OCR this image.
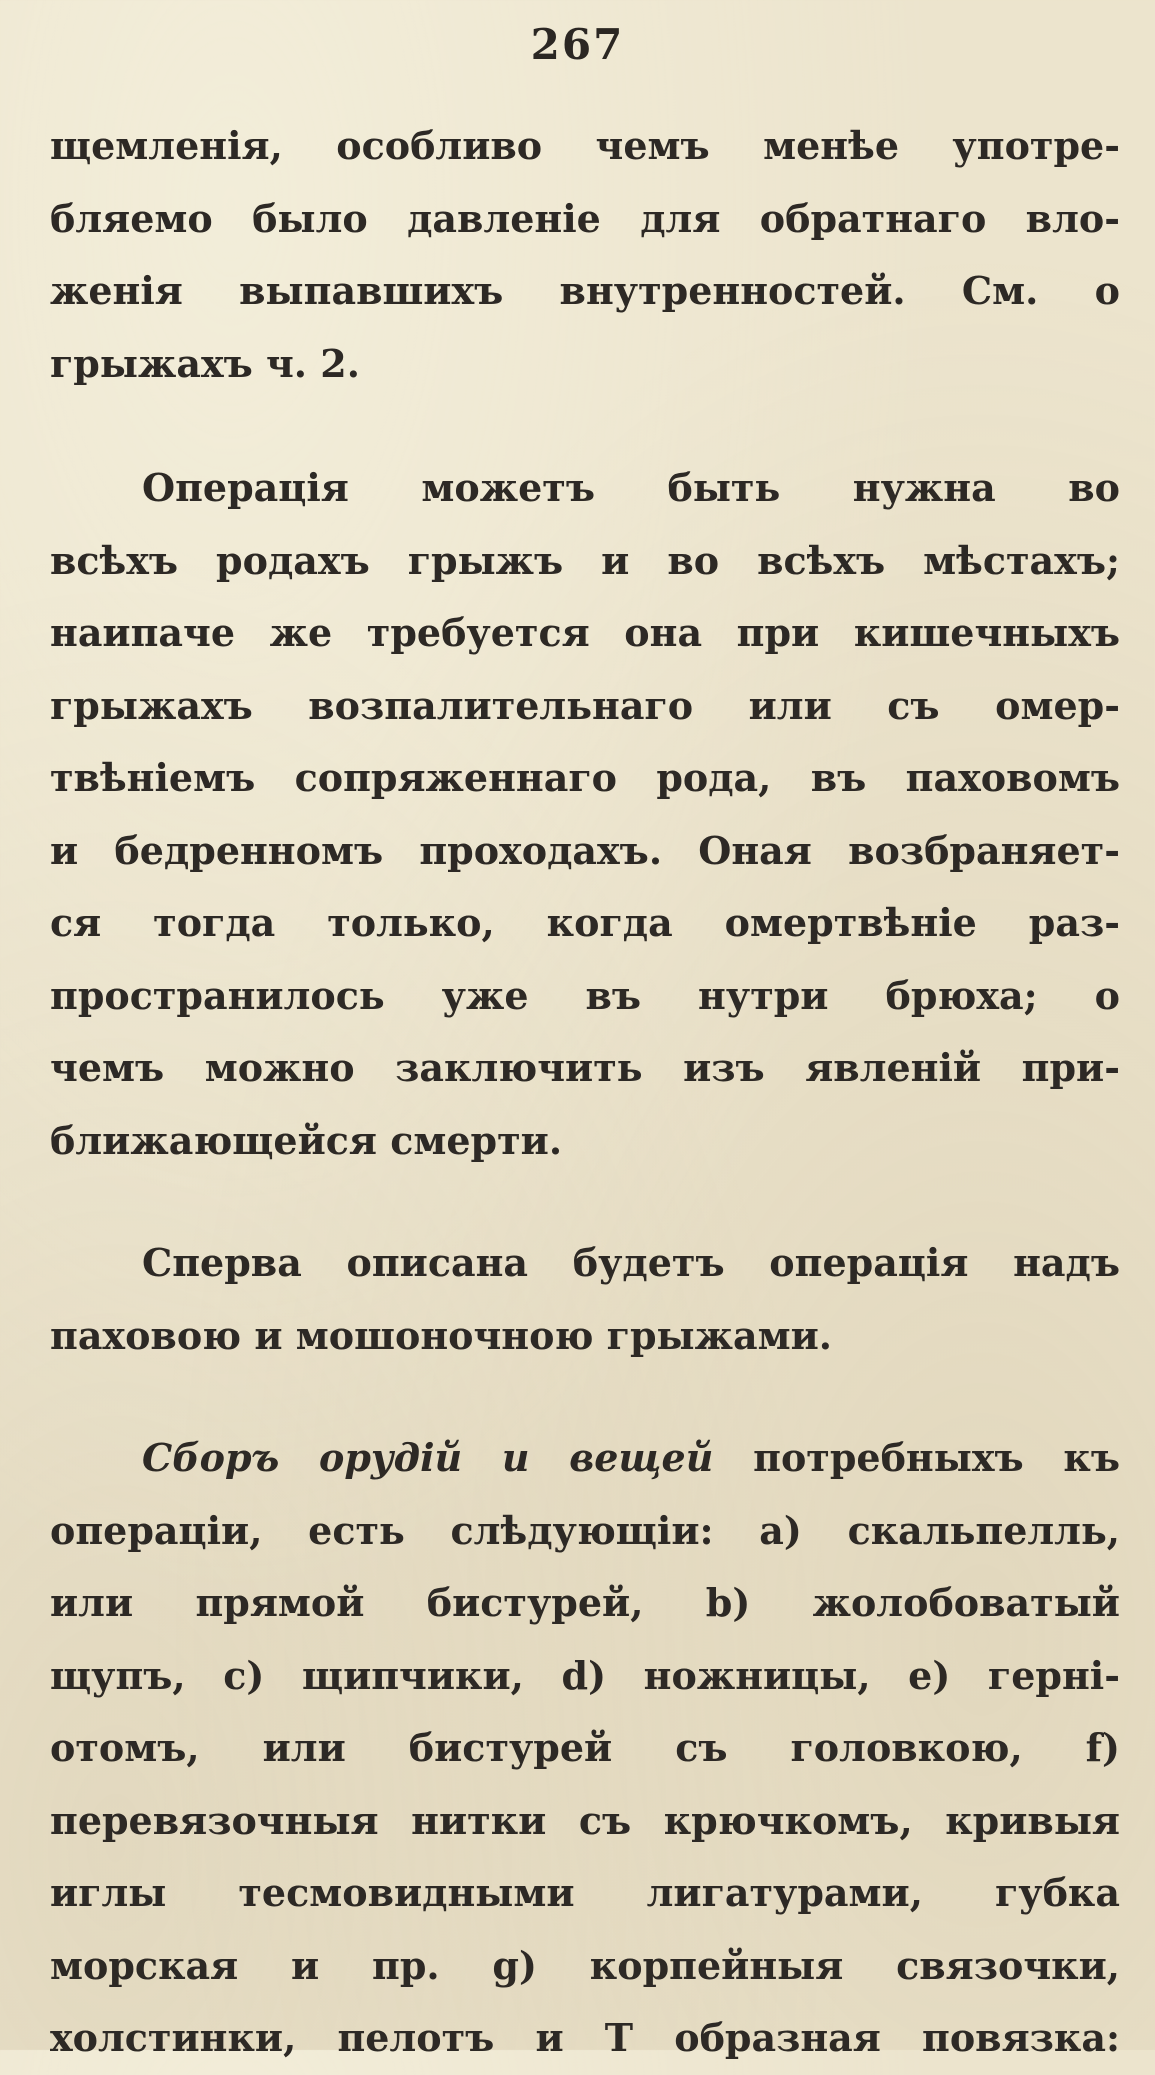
267
щемленія, особливо чемъ менѣе употре-
бляемо было давленіе для обратнаго вло-
женія выпавшихъ внутренностей. См. о
грыжахъ ч. 2.
Операція можетъ быть нужна во
всѣхъ родахъ грыжъ и во всѣхъ мѣстахъ;
наипаче же требуется она при кишечныхъ
грыжахъ возпалительнаго или съ омер-
твѣніемъ сопряженнаго рода, въ паховомъ
и бедренномъ проходахъ. Оная возбраняет-
ся тогда только, когда омертвѣніе раз-
пространилось уже въ нутри брюха; о
чемъ можно заключить изъ явленій при-
ближающейся смерти.
Сперва описана будетъ операція надъ
паховою и мошоночною грыжами.
Сборъ орудій и вещей потребныхъ къ
операціи, есть слѣдующіи: a) скальпелль,
или прямой бистурей, b) жолобоватый
щупъ, c) щипчики, d) ножницы, e) герні-
отомъ, или бистурей съ головкою, f)
перевязочныя нитки съ крючкомъ, кривыя
иглы тесмовидными лигатурами, губка
морская и пр. g) корпейныя связочки,
холстинки, пелотъ и Т образная повязка:
